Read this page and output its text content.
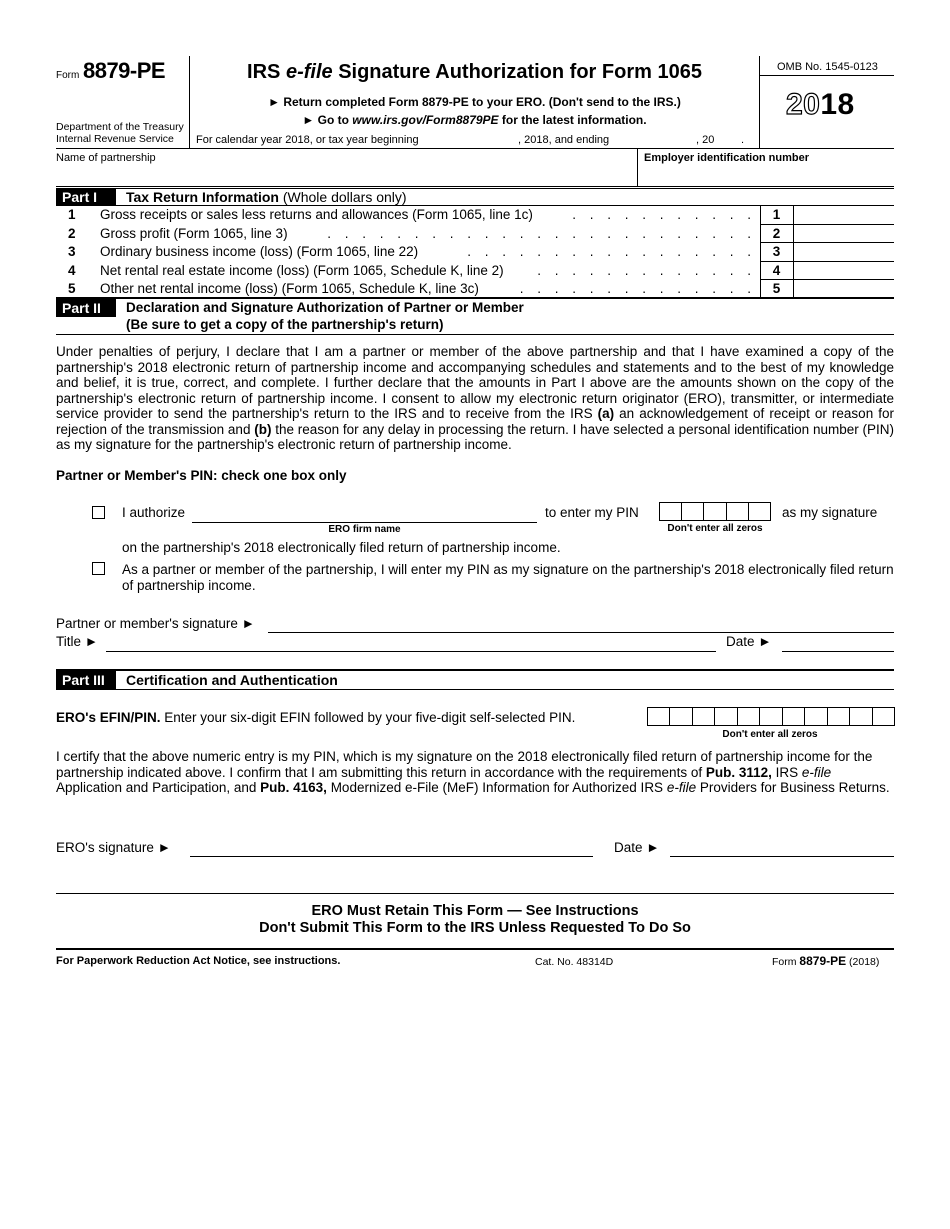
Form 8879-PE
Department of the Treasury
Internal Revenue Service
IRS e-file Signature Authorization for Form 1065
► Return completed Form 8879-PE to your ERO. (Don't send to the IRS.)
► Go to www.irs.gov/Form8879PE for the latest information.
OMB No. 1545-0123
2018
For calendar year 2018, or tax year beginning	, 2018, and ending	, 20 .
Name of partnership	Employer identification number
Part I	Tax Return Information (Whole dollars only)
1	Gross receipts or sales less returns and allowances (Form 1065, line 1c)	. . . . . . . . . . .	1
2	Gross profit (Form 1065, line 3)	. . . . . . . . . . . . . . . . . . . . . . . . .	2
3	Ordinary business income (loss) (Form 1065, line 22)	. . . . . . . . . . . . . . . . .	3
4	Net rental real estate income (loss) (Form 1065, Schedule K, line 2) . . . . . . . . . . . . .	4
5	Other net rental income (loss) (Form 1065, Schedule K, line 3c)	. . . . . . . . . . . . . .	5
Part II	Declaration and Signature Authorization of Partner or Member
(Be sure to get a copy of the partnership's return)
Under penalties of perjury, I declare that I am a partner or member of the above partnership and that I have examined a copy of the partnership's 2018 electronic return of partnership income and accompanying schedules and statements and to the best of my knowledge and belief, it is true, correct, and complete. I further declare that the amounts in Part I above are the amounts shown on the copy of the partnership's electronic return of partnership income. I consent to allow my electronic return originator (ERO), transmitter, or intermediate service provider to send the partnership's return to the IRS and to receive from the IRS (a) an acknowledgement of receipt or reason for rejection of the transmission and (b) the reason for any delay in processing the return. I have selected a personal identification number (PIN) as my signature for the partnership's electronic return of partnership income.
Partner or Member's PIN: check one box only
I authorize
ERO firm name
to enter my PIN
Don't enter all zeros
as my signature
on the partnership's 2018 electronically filed return of partnership income.
As a partner or member of the partnership, I will enter my PIN as my signature on the partnership's 2018 electronically filed return of partnership income.
Partner or member's signature ►
Title ►	Date ►
Part III	Certification and Authentication
ERO's EFIN/PIN. Enter your six-digit EFIN followed by your five-digit self-selected PIN.
Don't enter all zeros
I certify that the above numeric entry is my PIN, which is my signature on the 2018 electronically filed return of partnership income for the partnership indicated above. I confirm that I am submitting this return in accordance with the requirements of Pub. 3112, IRS e-file Application and Participation, and Pub. 4163, Modernized e-File (MeF) Information for Authorized IRS e-file Providers for Business Returns.
ERO's signature ►	Date ►
ERO Must Retain This Form — See Instructions
Don't Submit This Form to the IRS Unless Requested To Do So
For Paperwork Reduction Act Notice, see instructions.	Cat. No. 48314D	Form 8879-PE (2018)
